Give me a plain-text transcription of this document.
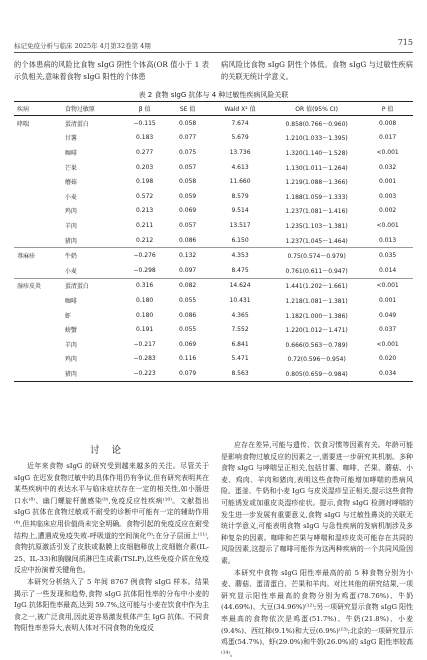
标记免疫分析与临床 2025年 4月第32卷第 4期	715

的个体患病的风险比食物 sIgG 阴性个体高(OR 值小于 1 表示负相关,意味着食物 sIgG 阳性的个体患

病风险比食物 sIgG 阴性个体低。食物 sIgG 与过敏性疾病的关联无统计学意义。

表 2 食物 sIgG 抗体与 4 种过敏性疾病风险关联
疾病	食物过敏原	β 值	SE 值	Wald X² 值	OR 值(95% CI)	P 值
哮喘	蛋清蛋白	−0.115	0.058	7.674	0.858(0.766～0.960)	0.008
	甘薯	0.183	0.077	5.679	1.210(1.033～1.395)	0.017
	咖啡	0.277	0.075	13.736	1.320(1.140～1.528)	<0.001
	芒果	0.203	0.057	4.613	1.130(1.011～1.264)	0.032
	蘑菇	0.198	0.058	11.660	1.219(1.088～1.366)	0.001
	小麦	0.572	0.059	8.579	1.188(1.059～1.333)	0.003
	鸡肉	0.213	0.069	9.514	1.237(1.081～1.416)	0.002
	羊肉	0.211	0.057	13.517	1.235(1.103～1.381)	<0.001
	猪肉	0.212	0.086	6.150	1.237(1.045～1.464)	0.013
荨麻疹	牛奶	−0.276	0.132	4.353	0.75(0.574～0.979)	0.035
	小麦	−0.298	0.097	8.475	0.761(0.611～0.947)	0.014
湿疹皮炎	蛋清蛋白	0.316	0.082	14.624	1.441(1.202～1.661)	<0.001
	咖啡	0.180	0.055	10.431	1.218(1.081～1.381)	0.001
	虾	0.180	0.086	4.365	1.182(1.000～1.386)	0.049
	螃蟹	0.191	0.055	7.552	1.220(1.012～1.471)	0.037
	羊肉	−0.217	0.069	6.841	0.666(0.563～0.789)	<0.001
	鸡肉	−0.283	0.116	5.471	0.72(0.596～0.954)	0.020
	猪肉	−0.223	0.079	8.563	0.805(0.659～0.984)	0.034
讨论

近年来食物 sIgG 的研究受到越来越多的关注。尽管关于 sIgG 在迟发食物过敏中的具体作用仍有争议,但有研究表明其在某些疾病中的表达水平与临床症状存在一定的相关性,如小肠进口水⁽⁸⁾、幽门螺旋杆菌感染⁽⁹⁾,免疫反应性疾病⁽¹⁰⁾。文献指出 sIgG 抗体在食物过敏或不耐受的诊断中可能有一定的辅助作用⁽⁸⁾,但其临床应用价值尚未完全明确。食物引起的免疫反应在耐受结构上,遭遇成免疫失败-呼吸道的空间演化⁽⁹⁾;在分子层面上⁽¹¹⁾,食物抗原激活引发了皮肤或黏膜上皮细胞释放上皮细胞介素(IL-25、IL-33)和胸腺间质淋巴生成素(TSLP),这些免疫介质在免疫反应中扮演着关键角色。

本研究分析纳入了 5 年间 8767 例食物 sIgG 样本。结果揭示了一些发现和趋势,食物 sIgG 抗体阳性率的分布中小麦的 IgG 抗体阳性率最高,达到 59.7%,这可能与小麦在饮食中作为主食之一,被广泛食用,因此更容易激发机体产生 IgG 抗体。不同食物阳性率差异大,表明人体对不同食物的免疫反

应存在差异,可能与遗传、饮食习惯等因素有关。年龄可能是影响食物过敏反应的因素之一,需要进一步研究其机制。多种食物 sIgG 与哮喘呈正相关,包括甘薯、咖啡、芒果、蘑菇、小麦、鸡肉、羊肉和猪肉,表明这些食物可能增加哮喘的患病风险。蛋釜、牛奶和小麦 IgG 与皮炎湿疹呈正相关,提示这些食物可能诱发或加重皮炎湿疹症状。提示,食物 sIgG 检测对哮喘的发生进一步发展有重要意义,食物 sIgG 与过敏性鼻炎的关联无统计学意义,可能表明食物 sIgG 与急性疾病的发病机制涉及多种复杂的因素。咖啡和芒果与哮喘和湿疹皮炎可能存在共同的风险因素,这提示了咖啡可能作为这两种疾病的一个共同风险因素。

本研究中食物 sIgG 阳性率最高的前 5 种食物分别为小麦、蘑菇、蛋清蛋白、芒果和羊肉。对比其他的研究结果,一项研究显示阳性率最高的食物分别为鸡蛋(78.76%)、牛奶(44.69%)、大豆(34.96%)⁽¹²⁾;另一项研究显示食物 sIgG 阳性率最高的食物依次是鸡蛋(51.7%)、牛奶(21.8%)、小麦(9.4%)、西红柿(9.1%)和大豆(6.9%)⁽¹³⁾;北京的一项研究显示鸡蛋(54.7%)、虾(29.0%)和牛奶(26.0%)的 sIgG 阳性率较高⁽¹⁴⁾。
